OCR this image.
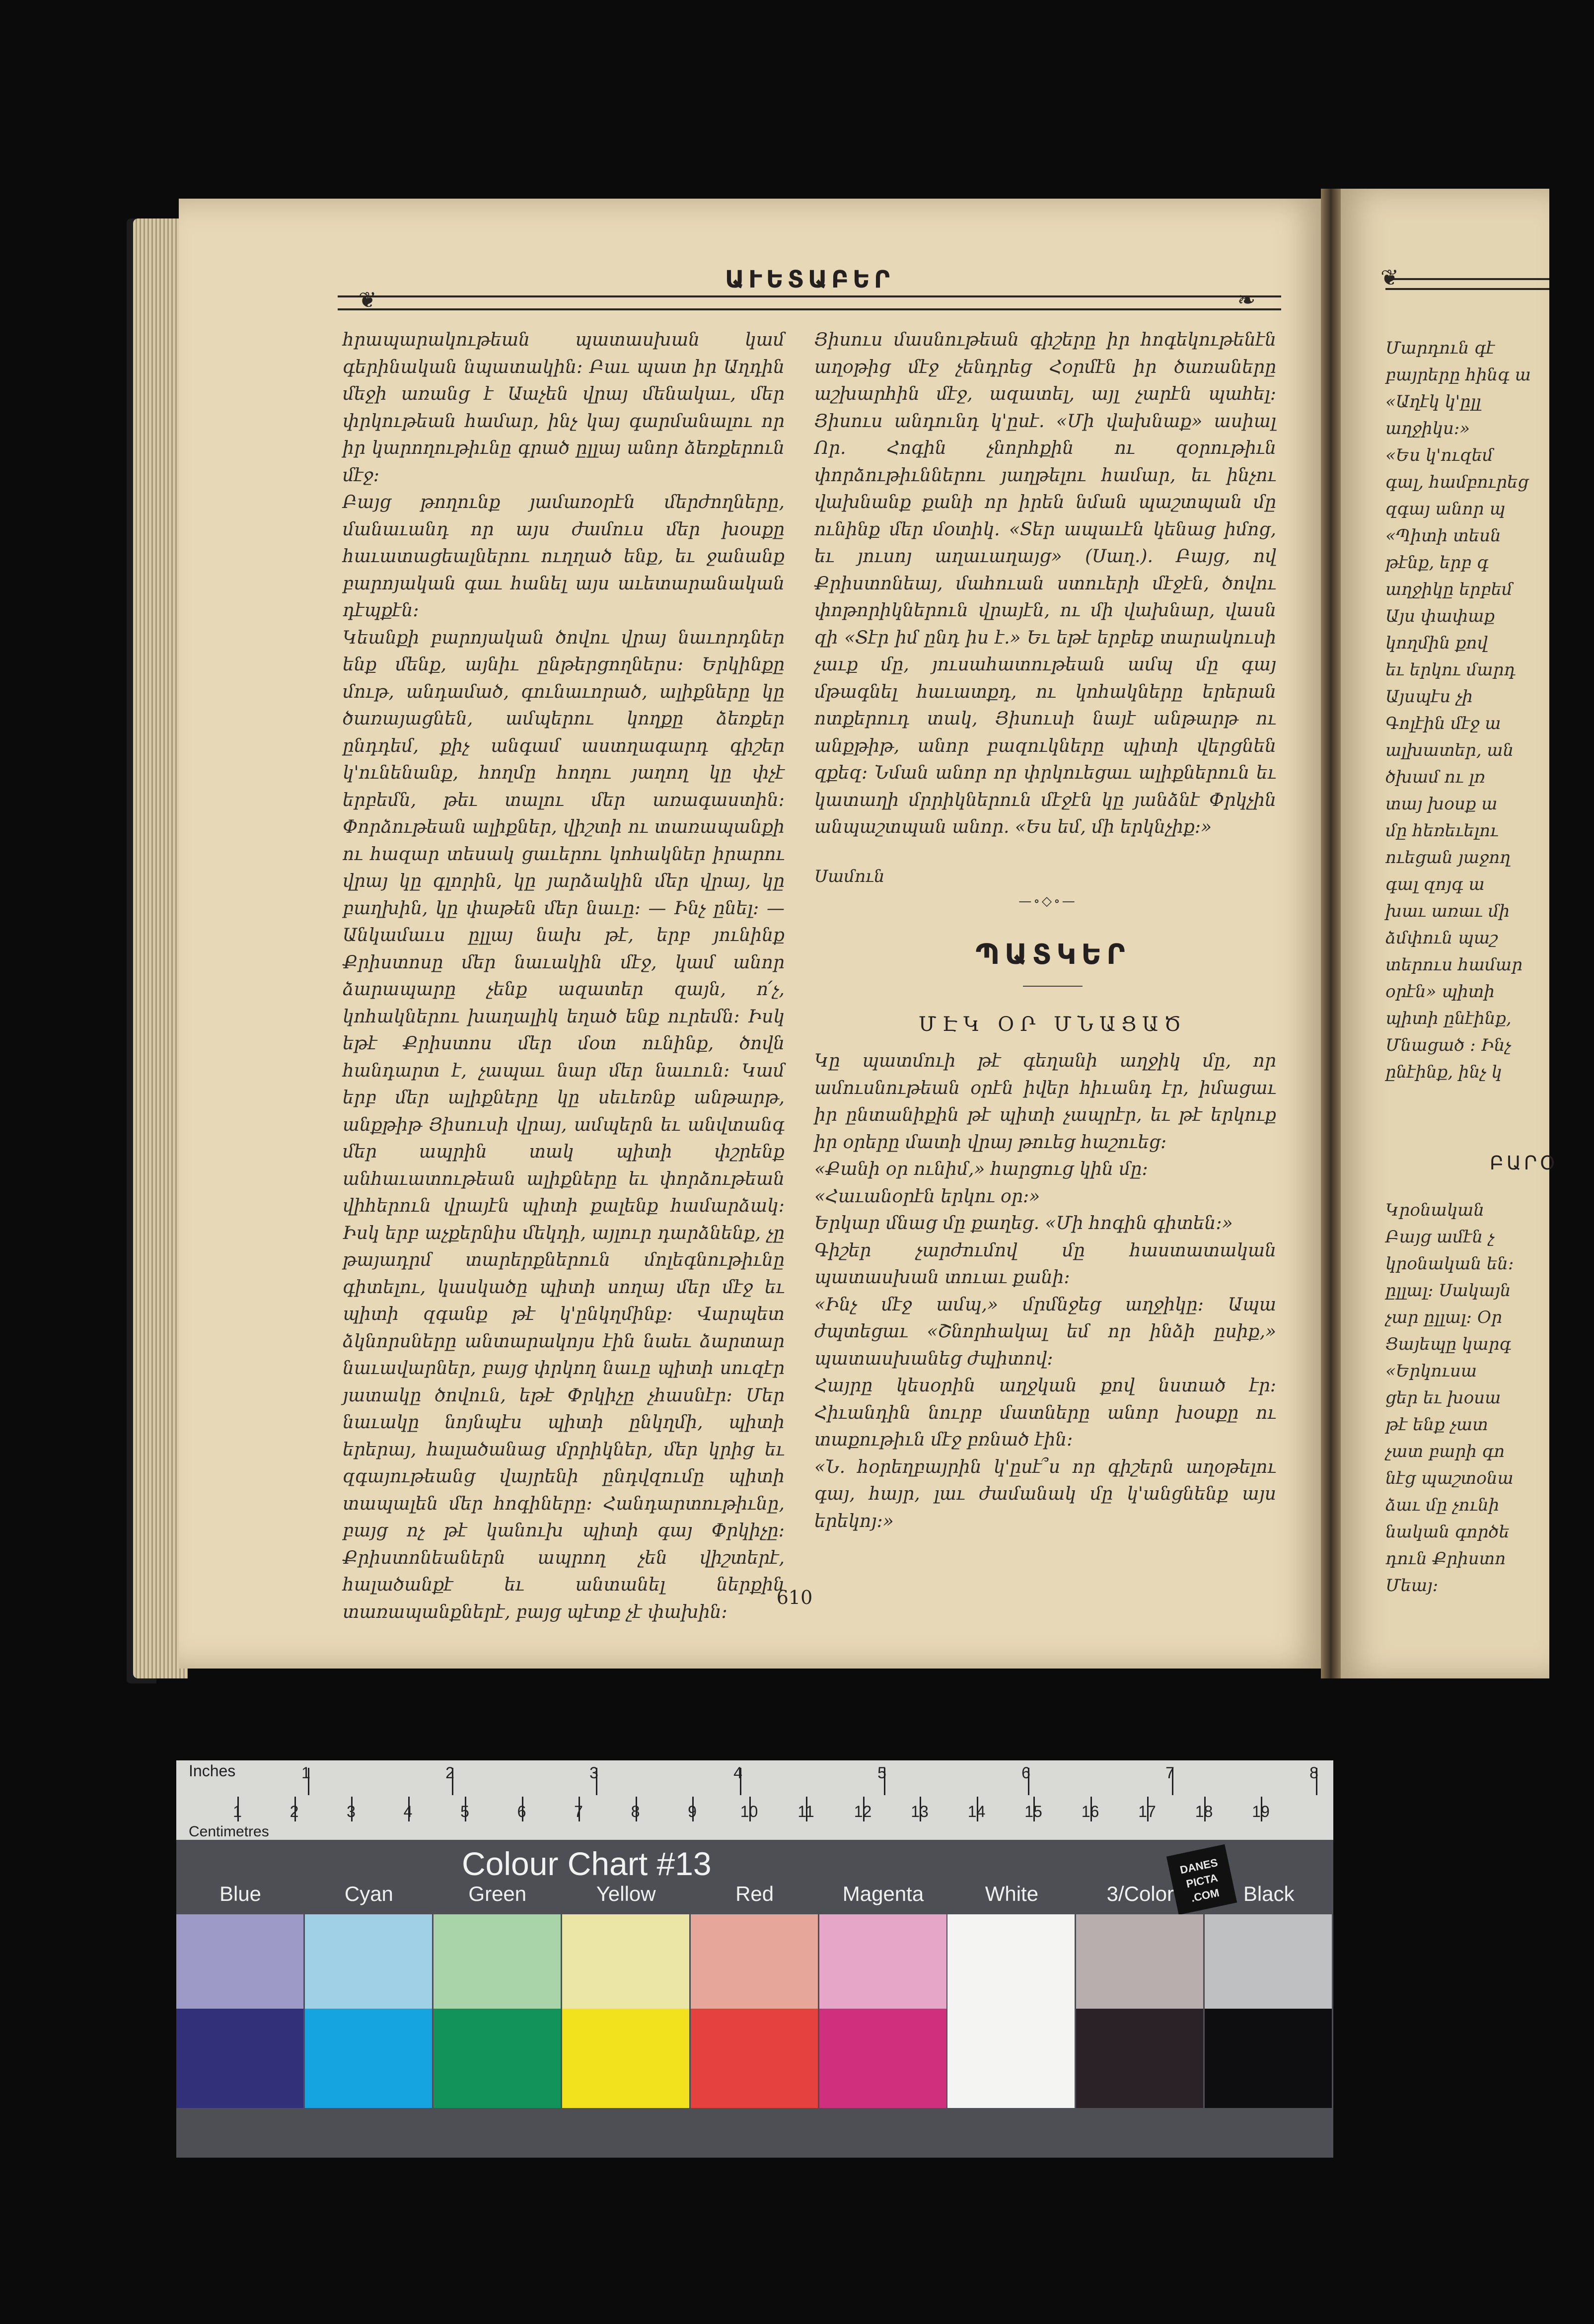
❦	❧
ԱՒԵՏԱԲԵՐ
հրապարակութեան պատասխան կամ գերինական նպատակին։ Բաւ պատ իր Աղդին մեջի առանց է Աաչեն վրայ մենակաւ, մեր փրկութեան համար, ինչ կայ գարմանալու որ իր կարողութիւնը գրած ըլլայ անոր ձեռքերուն մէջ։
Բայց թողունք յամառօրէն մերժողները, մանաւանդ որ այս ժամուս մեր խօսքը հաւատացեալներու ուղղած ենք, եւ ջանանք բարոյական գաւ հանել այս աւետարանական դէպքէն։
Կեանքի բարոյական ծովու վրայ նաւորդներ ենք մենք, այնիւ ընթերցողներս։ Երկինքը մութ, անդամած, գունաւորած, ալիքները կը ծառայացնեն, ամպերու կողքը ձեռքեր ընդդեմ, քիչ անգամ աստղագարդ գիշեր կ'ունենանք, հողմը հողու յաղող կը փչէ երբեմն, թեւ տալու մեր առագաստին։ Փորձութեան ալիքներ, վիշտի ու տառապանքի ու հազար տեսակ ցաւերու կոհակներ իրարու վրայ կը գլորին, կը յարձակին մեր վրայ, կը բաղխին, կը փաթեն մեր նաւը։ — Ինչ ընել։ — Անկամաւս ըլլայ նախ թէ, երբ յունինք Քրիստոսը մեր նաւակին մէջ, կամ անոր ձարապարը չենք ազատեր զայն, ո՛չ, կոհակներու խաղալիկ եղած ենք ուրեմն։ Իսկ եթէ Քրիստոս մեր մօտ ունինք, ծովն հանդարտ է, չապաւ նար մեր նաւուն։ Կամ երբ մեր ալիքները կը սեւեռնք անթարթ, անքթիթ Յիսուսի վրայ, ամպերն եւ անվտանգ մեր ապրին տակ պիտի փշրենք անհաւատութեան ալիքները եւ փորձութեան վիհերուն վրայէն պիտի քալենք համարձակ։ Իսկ երբ աչքերնիս մեկդի, այլուր դարձնենք, չը թայադրմ տարերքներուն մոլեգնութիւնը գիտելու, կասկածը պիտի սողայ մեր մէջ եւ պիտի զգանք թէ կ'ընկղմինք։ Վարպետ ձկնորսները անտարակոյս էին նաեւ ձարտար նաւավարներ, բայց փրկող նաւը պիտի սուզէր յատակը ծովուն, եթէ Փրկիչը չհասնէր։ Մեր նաւակը նոյնպէս պիտի ընկղմի, պիտի երերայ, հալածանաց մրրիկներ, մեր կրից եւ զգայութեանց վայրենի ընդվզումը պիտի տապալեն մեր հոգիները։ Հանդարտութիւնը, բայց ոչ թէ կանուխ պիտի գայ Փրկիչը։ Քրիստոնեաներն ապրող չեն վիշտերէ, հալածանքէ եւ անտանել ներքին տառապանքներէ, բայց պէտք չէ փախին։
Յիսուս մասնութեան գիշերը իր հոգեկութենէն աղօթից մէջ չենդրեց Հօրմէն իր ծառաները աշխարհին մէջ, ազատել, այլ չարէն պահել։ Յիսուս անդունդ կ'ըսէ. «Մի վախնաք» ասիալ Որ. Հոգին չնորհքին ու զօրութիւն փորձութիւններու յաղթելու համար, եւ ինչու վախնանք քանի որ իրեն նման պաշտպան մը ունինք մեր մօտիկ. «Sեր ապաւէն կենաց իմոց, եւ յուսոյ աղաւաղայց» (Սաղ.). Բայց, ով Քրիստոնեայ, մահուան ստուերի մէջէն, ծովու փոթորիկներուն վրայէն, ու մի վախնար, վասն զի «Տէր իմ ընդ իս է.» Եւ եթէ երբեք տարակուսի չաւք մը, յուսահատութեան ամպ մը գայ մթագնել հաւատքդ, ու կոհակները երերան ոտքերուդ տակ, Յիսուսի նայէ անթարթ ու անքթիթ, անոր բազուկները պիտի վերցնեն զքեզ։ Նման անոր որ փրկուեցաւ ալիքներուն եւ կատաղի մրրիկներուն մէջէն կը յանձնէ Փրկչին անպաշտպան անոր. «Ես եմ, մի երկնչիք։»
Սամուն
—∘◇∘—
ՊԱՏԿԵՐ
ՄԷԿ ՕՐ ՄՆԱՑԱԾ
Կը պատմուի թէ գեղանի աղջիկ մը, որ ամուսնութեան օրէն իվեր հիւանդ էր, իմացաւ իր ընտանիքին թէ պիտի չապրէր, եւ թէ երկուք իր օրերը մատի վրայ թուեց հաշուեց։
«Քանի օր ունիմ,» հարցուց կին մը։
«Հաւանօրէն երկու օր։»
Երկար մնաց մը քաղեց. «Մի հոգին գիտեն։»
Գիշեր չարժումով մը հաստատական պատասխան տուաւ քանի։
«Ինչ մէջ ամպ,» մրմնջեց աղջիկը։ Ապա ժպտեցաւ «Շնորհակալ եմ որ ինձի ըսիք,» պատասխանեց ժպիտով։
Հայրը կեսօրին աղջկան քով նստած էր։ Հիւանդին նուրբ մատները անոր խօսքը ու տաքութիւն մէջ բռնած էին։
«Ն. հօրեղբայրին կ'ըսէ՞ս որ գիշերն աղօթելու գայ, հայր, լաւ ժամանակ մը կ'անցնենք այս երեկոյ։»
610
❦

Մարդուն գէ
բայրերը հինգ ա
«Աղէկ կ'ըլլ
աղջիկս։»
«Ես կ'ուզեմ
գալ, համբուրեց
զգայ անոր պ
«Պիտի տեսն
թէնք, երբ գ
աղջիկը երբեմ
Այս փափաք
կողմին քով
եւ երկու մարդ
Այսպէս չի
Գոլէին մէջ ա
ալխատեր, ան
ծխամ ու լռ
տայ խօսք ա
մը հեռեւելու
ուեցան յաջող
գալ զոյգ ա
խաւ առաւ մի
ձմփուն պաշ
տերուս համար
օրէն» պիտի
պիտի ընէինք,
Մնացած ։ Ինչ
ընէինք, ինչ կ

ԲԱՐՕ
Կրօնական
Բայց ամէն չ
կրօնական են։
ըլլալ։ Սակայն
չար ըլլալ։ Օր
Ցայեպը կարգ
«Երկուսա
ցեր եւ խօսա
թէ ենք չատ
չատ բարի գո
նէց պաշտօնա
ձաւ մը չունի
նական գործե
դուն Քրիստո
Մեայ։
Inches
Centimetres
1	2	3	4	5	6	7	8
1	2	3	4	5	6	7	8	9	10	11	12	13	14	15	16	17	18	19
Colour Chart #13	DANES PICTA .COM
Blue	Cyan	Green	Yellow	Red	Magenta	White	3/Color	Black
